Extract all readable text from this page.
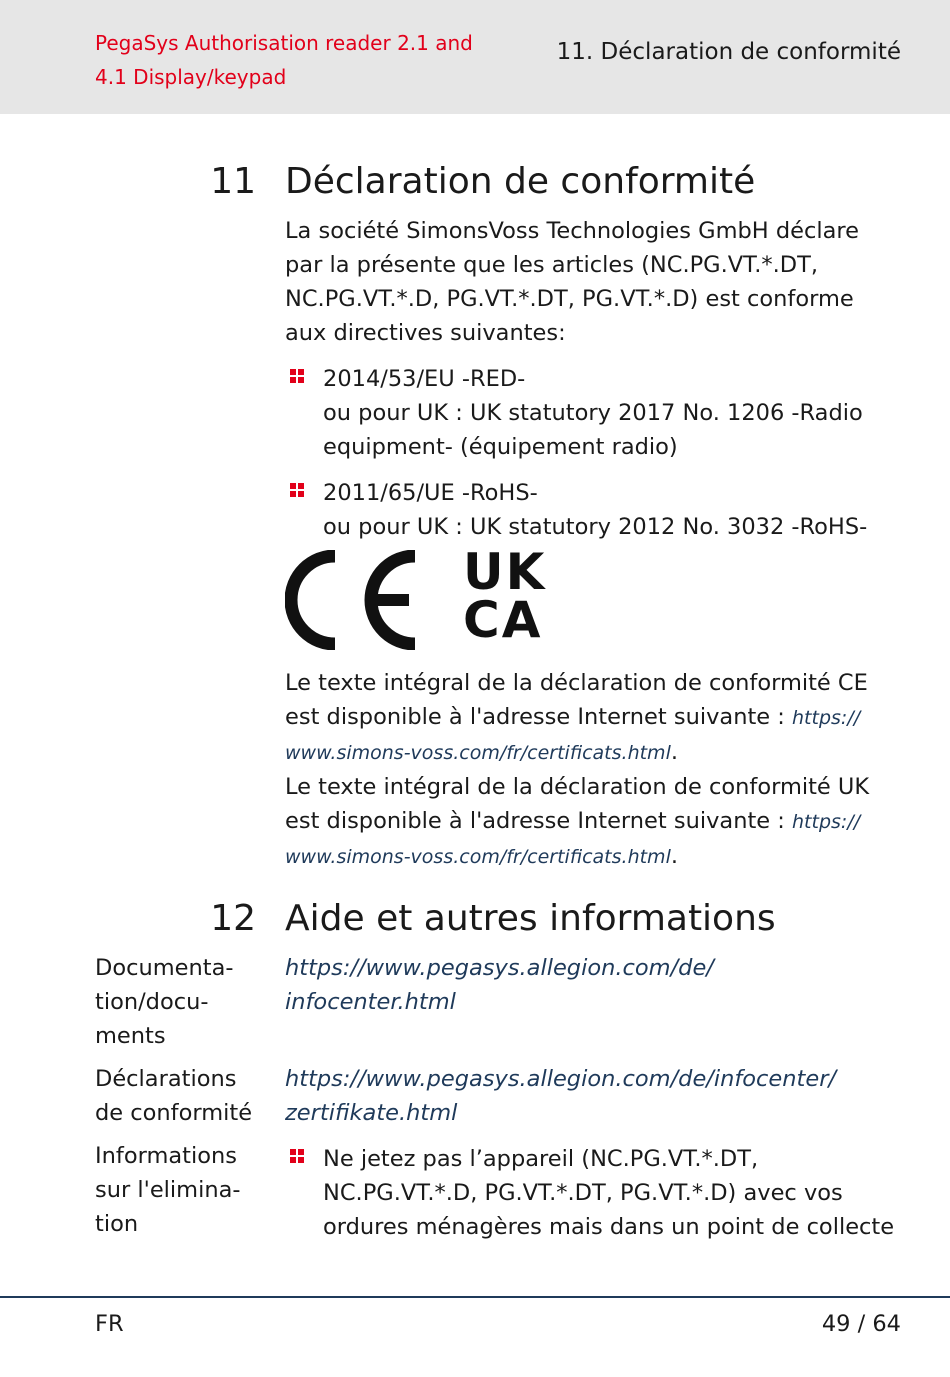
PegaSys Authorisation reader 2.1 and
4.1 Display/keypad
11. Déclaration de conformité
11 Déclaration de conformité
La société SimonsVoss Technologies GmbH déclare
par la présente que les articles (NC.PG.VT.*.DT,
NC.PG.VT.*.D, PG.VT.*.DT, PG.VT.*.D) est conforme
aux directives suivantes:
2014/53/EU -RED-
ou pour UK : UK statutory 2017 No. 1206 -Radio
equipment- (équipement radio)
2011/65/UE -RoHS-
ou pour UK : UK statutory 2012 No. 3032 -RoHS-
UK
CA
Le texte intégral de la déclaration de conformité CE
est disponible à l'adresse Internet suivante : https://
www.simons-voss.com/fr/certificats.html.
Le texte intégral de la déclaration de conformité UK
est disponible à l'adresse Internet suivante : https://
www.simons-voss.com/fr/certificats.html.
12 Aide et autres informations
Documenta-
tion/docu-
ments
https://www.pegasys.allegion.com/de/
infocenter.html
Déclarations
de conformité
https://www.pegasys.allegion.com/de/infocenter/
zertifikate.html
Informations
sur l'elimina-
tion
Ne jetez pas l’appareil (NC.PG.VT.*.DT,
NC.PG.VT.*.D, PG.VT.*.DT, PG.VT.*.D) avec vos
ordures ménagères mais dans un point de collecte
FR	49 / 64
